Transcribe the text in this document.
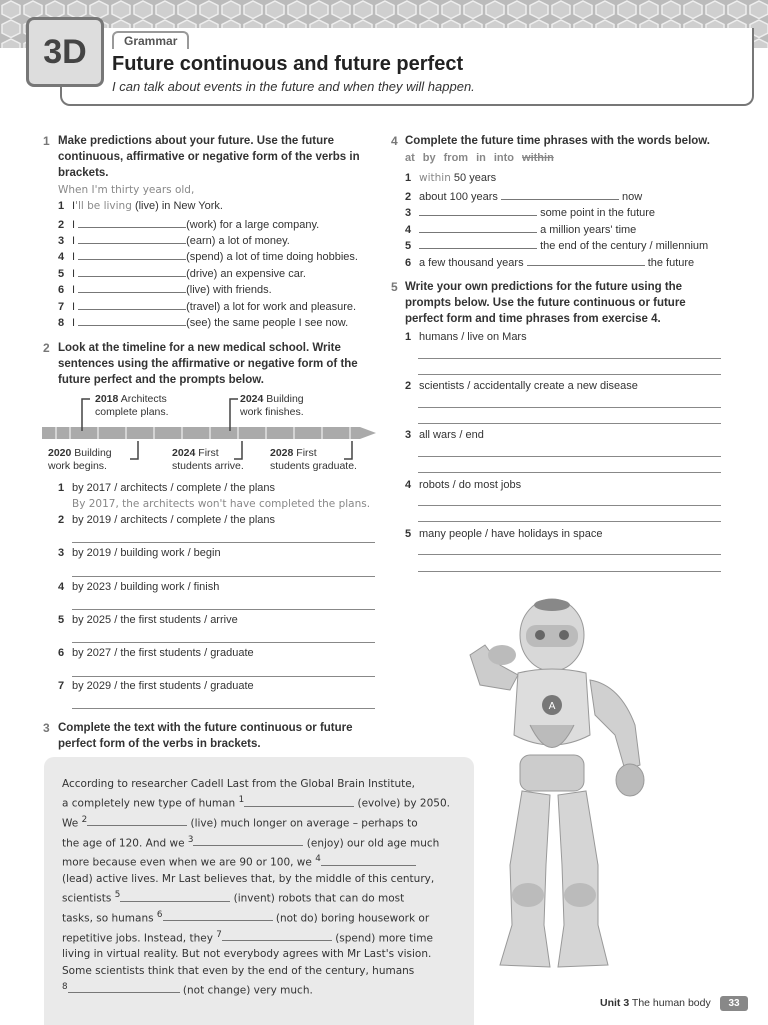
3D	Grammar
Future continuous and future perfect
I can talk about events in the future and when they will happen.
1 Make predictions about your future. Use the future continuous, affirmative or negative form of the verbs in brackets.
When I'm thirty years old,
1 I'll be living (live) in New York.
2 I	(work) for a large company.
3 I	(earn) a lot of money.
4 I	(spend) a lot of time doing hobbies.
5 I	(drive) an expensive car.
6 I	(live) with friends.
7 I	(travel) a lot for work and pleasure.
8 I	(see) the same people I see now.
2 Look at the timeline for a new medical school. Write sentences using the affirmative or negative form of the future perfect and the prompts below.
2018 Architects
complete plans.
2024 Building
work finishes.
2020 Building
work begins.
2024 First
students arrive.
2028 First
students graduate.
1 by 2017 / architects / complete / the plans
By 2017, the architects won't have completed the plans.
2 by 2019 / architects / complete / the plans
3 by 2019 / building work / begin
4 by 2023 / building work / finish
5 by 2025 / the first students / arrive
6 by 2027 / the first students / graduate
7 by 2029 / the first students / graduate
3 Complete the text with the future continuous or future perfect form of the verbs in brackets.
According to researcher Cadell Last from the Global Brain Institute,
a completely new type of human $^1$	(evolve) by 2050.
We $^2$	(live) much longer on average – perhaps to
the age of 120. And we $^3$	(enjoy) our old age much
more because even when we are 90 or 100, we $^4$
(lead) active lives. Mr Last believes that, by the middle of this century,
scientists $^5$	(invent) robots that can do most
tasks, so humans $^6$	(not do) boring housework or
repetitive jobs. Instead, they $^7$	(spend) more time
living in virtual reality. But not everybody agrees with Mr Last's vision.
Some scientists think that even by the end of the century, humans
$^8$	(not change) very much.
4 Complete the future time phrases with the words below.
at by from in into within
1 within 50 years
2 about 100 years	now
3	some point in the future
4	a million years' time
5	the end of the century / millennium
6 a few thousand years	the future
5 Write your own predictions for the future using the prompts below. Use the future continuous or future perfect form and time phrases from exercise 4.
1 humans / live on Mars
2 scientists / accidentally create a new disease
3 all wars / end
4 robots / do most jobs
5 many people / have holidays in space
A
Unit 3 The human body	33
